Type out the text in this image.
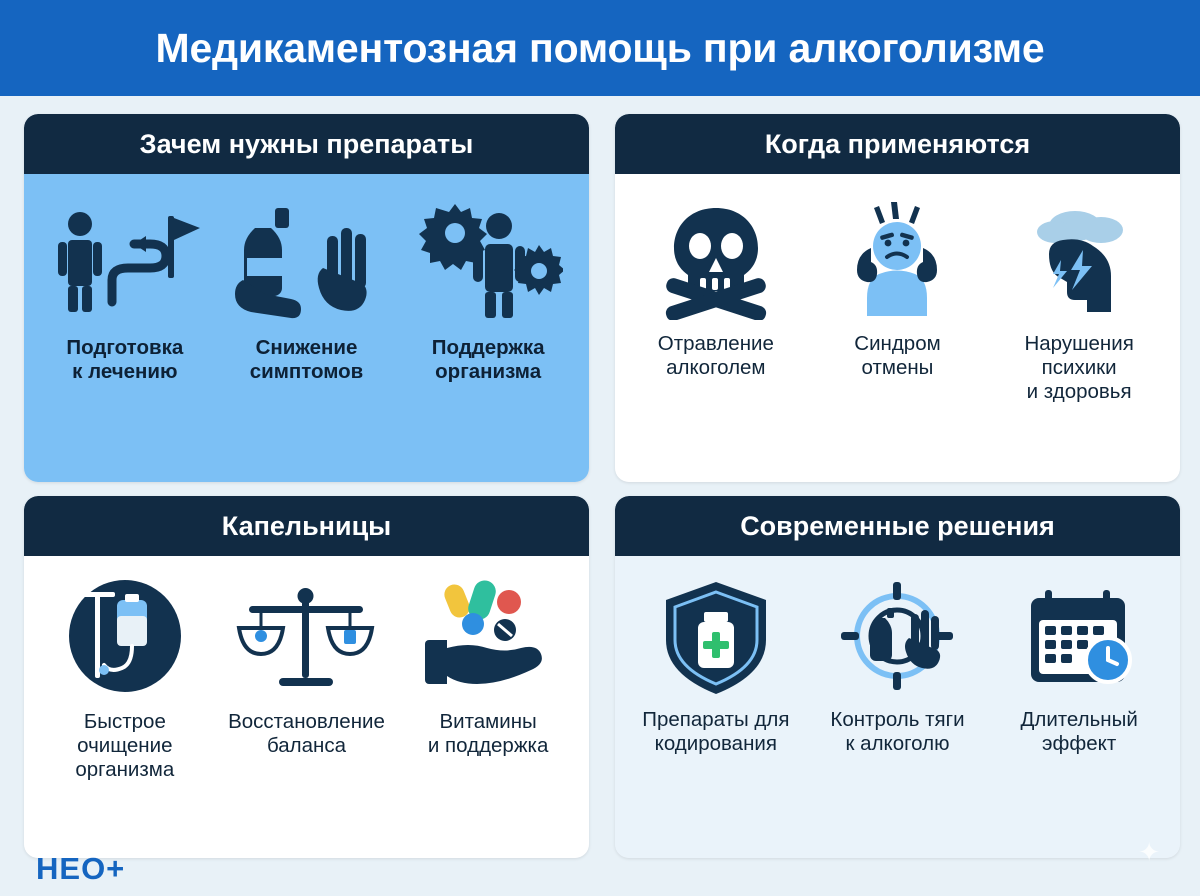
Медикаментозная помощь при алкоголизме
Зачем нужны препараты
Подготовка
к лечению
Снижение
симптомов
Поддержка
организма
Когда применяются
Отравление
алкоголем
Синдром
отмены
Нарушения
психики
и здоровья
Капельницы
Быстрое
очищение
организма
Восстановление
баланса
Витамины
и поддержка
Современные решения
Препараты для
кодирования
Контроль тяги
к алкоголю
Длительный
эффект
НЕО+	✦
